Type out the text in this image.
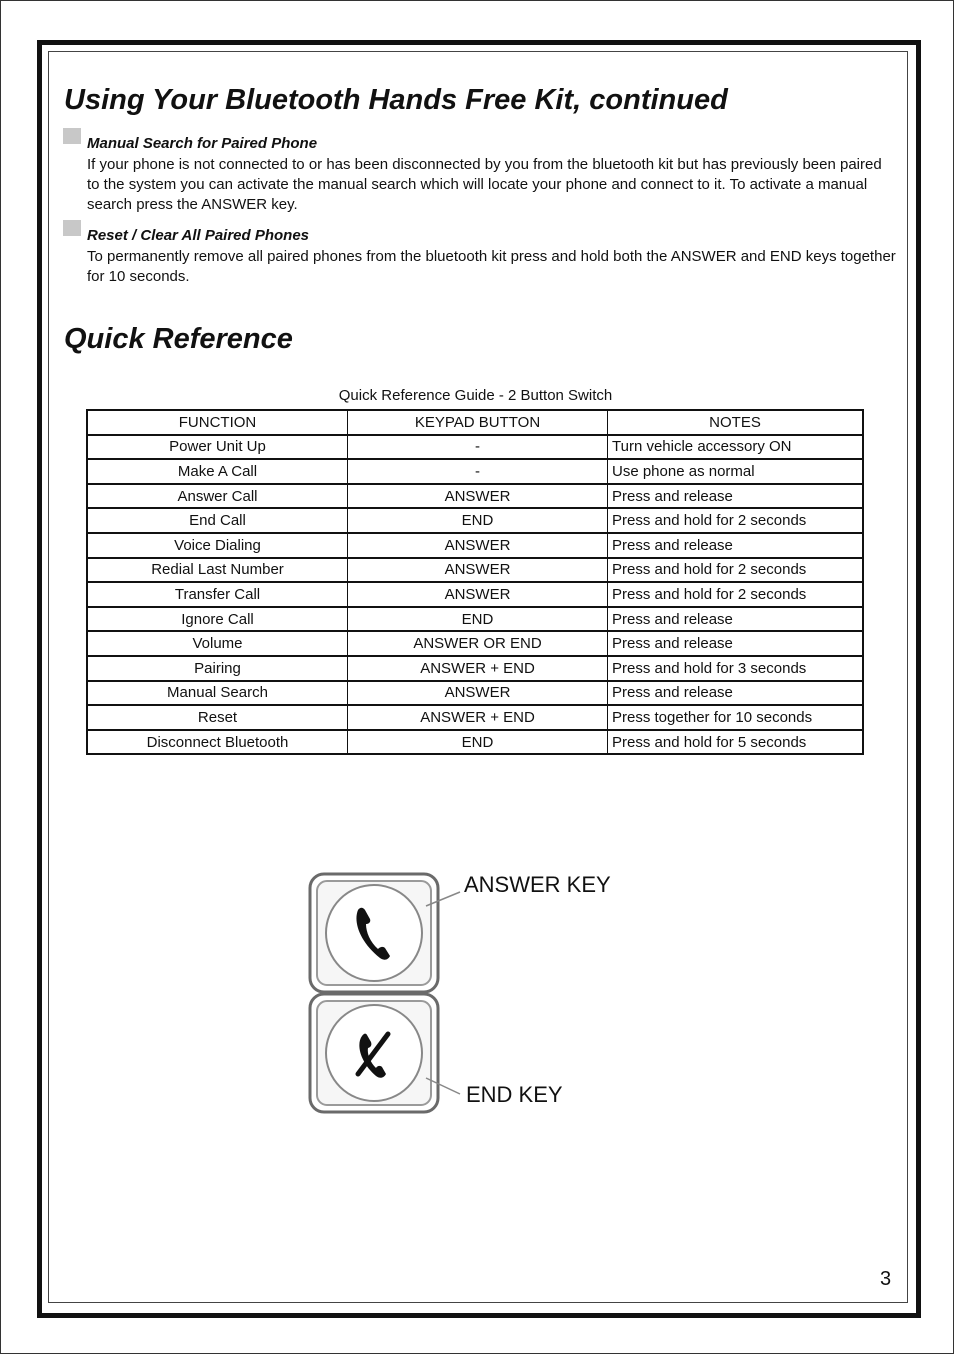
Using Your Bluetooth Hands Free Kit, continued
Manual Search for Paired Phone

If your phone is not connected to or has been disconnected by you from the bluetooth kit but has previously been paired to the system you can activate the manual search which will locate your phone and connect to it. To activate a manual search press the ANSWER key.

Reset / Clear All Paired Phones

To permanently remove all paired phones from the bluetooth kit press and hold both the ANSWER and END keys together for 10 seconds.

Quick Reference
Quick Reference Guide - 2 Button Switch
FUNCTION	KEYPAD BUTTON	NOTES
Power Unit Up	-	Turn vehicle accessory ON
Make A Call	-	Use phone as normal
Answer Call	ANSWER	Press and release
End Call	END	Press and hold for 2 seconds
Voice Dialing	ANSWER	Press and release
Redial Last Number	ANSWER	Press and hold for 2 seconds
Transfer Call	ANSWER	Press and hold for 2 seconds
Ignore Call	END	Press and release
Volume	ANSWER OR END	Press and release
Pairing	ANSWER + END	Press and hold for 3 seconds
Manual Search	ANSWER	Press and release
Reset	ANSWER + END	Press together for 10 seconds
Disconnect Bluetooth	END	Press and hold for 5 seconds
ANSWER KEY
END KEY
3
